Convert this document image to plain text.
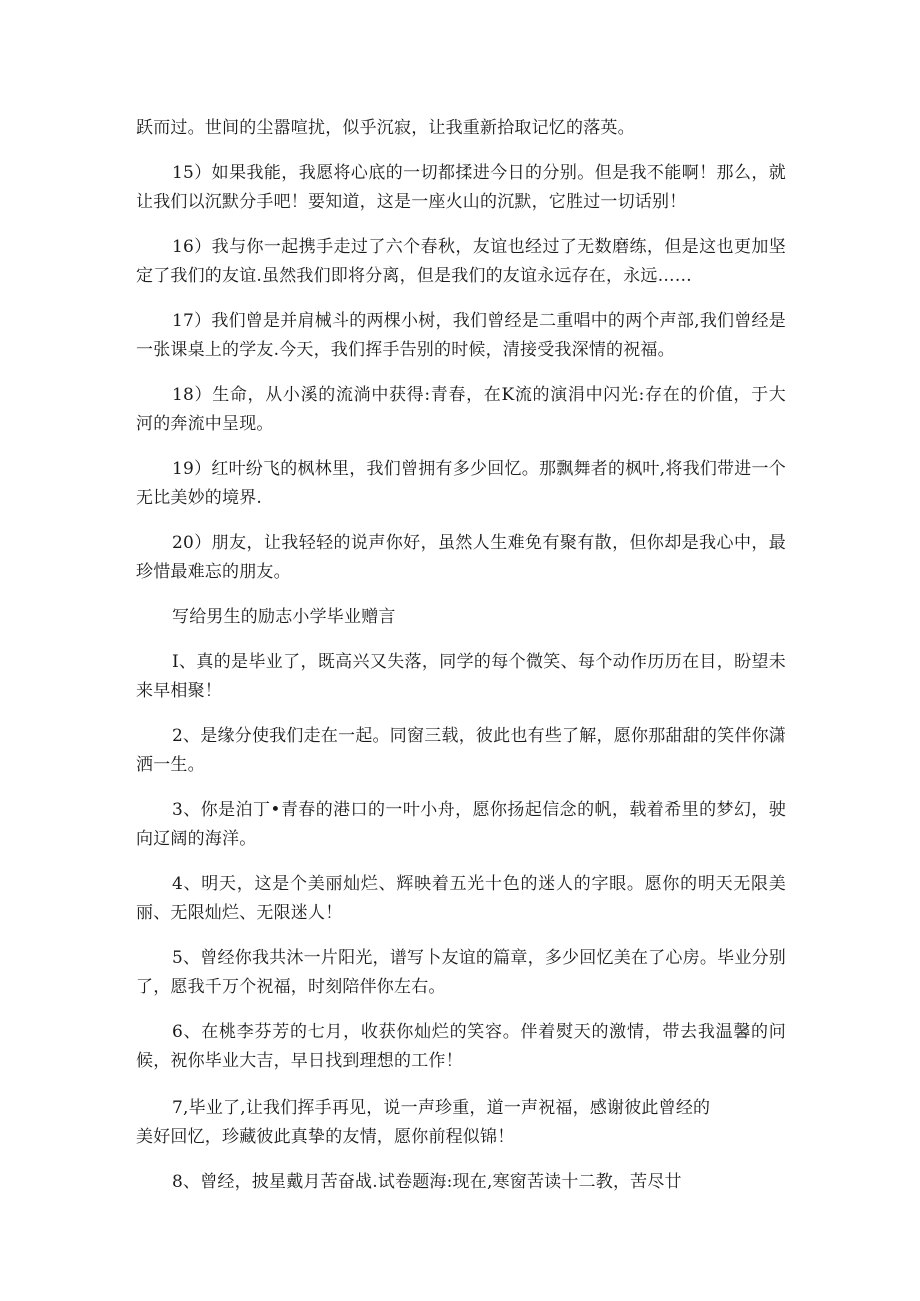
跃而过。世间的尘嚣喧扰，似乎沉寂，让我重新拾取记忆的落英。

15）如果我能，我愿将心底的一切都揉进今日的分别。但是我不能啊！那么，就让我们以沉默分手吧！要知道，这是一座火山的沉默，它胜过一切话别！

16）我与你一起携手走过了六个春秋，友谊也经过了无数磨练，但是这也更加坚定了我们的友谊.虽然我们即将分离，但是我们的友谊永远存在，永远……

17）我们曾是并肩械斗的两棵小树，我们曾经是二重唱中的两个声部,我们曾经是一张课桌上的学友.今天，我们挥手告别的时候，清接受我深情的祝福。

18）生命，从小溪的流淌中获得:青春，在K流的演涓中闪光:存在的价值，于大河的奔流中呈现。

19）红叶纷飞的枫林里，我们曾拥有多少回忆。那飘舞者的枫叶,将我们带进一个无比美妙的境界.

20）朋友，让我轻轻的说声你好，虽然人生难免有聚有散，但你却是我心中，最珍惜最难忘的朋友。

写给男生的励志小学毕业赠言

I、真的是毕业了，既高兴又失落，同学的每个微笑、每个动作历历在目，盼望未来早相聚！

2、是缘分使我们走在一起。同窗三载，彼此也有些了解，愿你那甜甜的笑伴你潇洒一生。

3、你是泊丁•青春的港口的一叶小舟，愿你扬起信念的帆，载着希里的梦幻，驶向辽阔的海洋。

4、明天，这是个美丽灿烂、辉映着五光十色的迷人的字眼。愿你的明天无限美丽、无限灿烂、无限迷人！

5、曾经你我共沐一片阳光，谱写卜友谊的篇章，多少回忆美在了心房。毕业分别了，愿我千万个祝福，时刻陪伴你左右。

6、在桃李芬芳的七月，收获你灿烂的笑容。伴着熨天的激情，带去我温馨的问候，祝你毕业大吉，早日找到理想的工作！

7,毕业了,让我们挥手再见，说一声珍重，道一声祝福，感谢彼此曾经的

美好回忆，珍藏彼此真挚的友情，愿你前程似锦！

8、曾经，披星戴月苦奋战.试卷题海:现在,寒窗苦读十二教，苦尽廿
